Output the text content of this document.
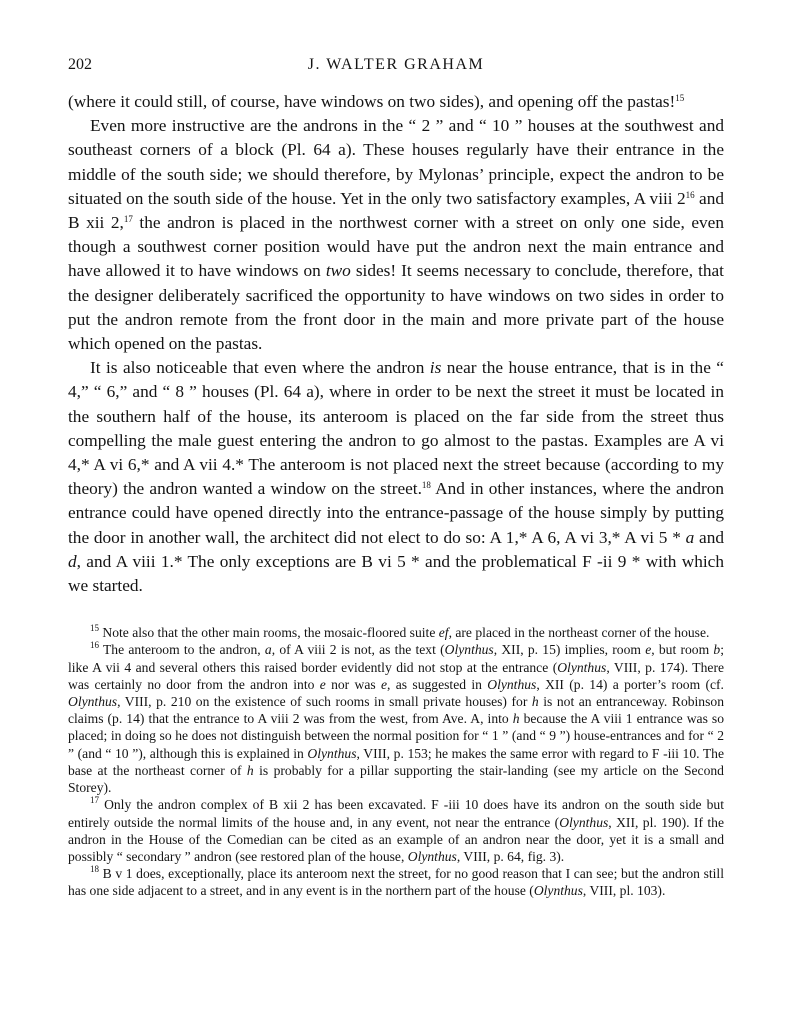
202	J. WALTER GRAHAM

(where it could still, of course, have windows on two sides), and opening off the pastas!$^{15}$

Even more instructive are the androns in the “ 2 ” and “ 10 ” houses at the southwest and southeast corners of a block (Pl. 64 a). These houses regularly have their entrance in the middle of the south side; we should therefore, by Mylonas’ principle, expect the andron to be situated on the south side of the house. Yet in the only two satisfactory examples, A viii $2^{16}$ and B xii 2,17 the andron is placed in the northwest corner with a street on only one side, even though a southwest corner position would have put the andron next the main entrance and have allowed it to have windows on two sides! It seems necessary to conclude, therefore, that the designer deliberately sacrificed the opportunity to have windows on two sides in order to put the andron remote from the front door in the main and more private part of the house which opened on the pastas.

It is also noticeable that even where the andron is near the house entrance, that is in the “ 4,” “ 6,” and “ 8 ” houses (Pl. 64 a), where in order to be next the street it must be located in the southern half of the house, its anteroom is placed on the far side from the street thus compelling the male guest entering the andron to go almost to the pastas. Examples are A vi 4,* A vi 6,* and A vii 4.* The anteroom is not placed next the street because (according to my theory) the andron wanted a window on the street.$^{18}$ And in other instances, where the andron entrance could have opened directly into the entrance-passage of the house simply by putting the door in another wall, the architect did not elect to do so: A 1,* A 6, A vi 3,* A vi 5 * a and d, and A viii 1.* The only exceptions are B vi 5 * and the problematical F -ii 9 * with which we started.

$^{15}$ Note also that the other main rooms, the mosaic-floored suite ef, are placed in the northeast corner of the house.

$^{16}$ The anteroom to the andron, a, of A viii 2 is not, as the text (Olynthus, XII, p. 15) implies, room e, but room b; like A vii 4 and several others this raised border evidently did not stop at the entrance (Olynthus, VIII, p. 174). There was certainly no door from the andron into e nor was e, as suggested in Olynthus, XII (p. 14) a porter’s room (cf. Olynthus, VIII, p. 210 on the existence of such rooms in small private houses) for h is not an entranceway. Robinson claims (p. 14) that the entrance to A viii 2 was from the west, from Ave. A, into h because the A viii 1 entrance was so placed; in doing so he does not distinguish between the normal position for “ 1 ” (and “ 9 ”) house-entrances and for “ 2 ” (and “ 10 ”), although this is explained in Olynthus, VIII, p. 153; he makes the same error with regard to F -iii 10. The base at the northeast corner of h is probably for a pillar supporting the stair-landing (see my article on the Second Storey).

$^{17}$ Only the andron complex of B xii 2 has been excavated. F -iii 10 does have its andron on the south side but entirely outside the normal limits of the house and, in any event, not near the entrance (Olynthus, XII, pl. 190). If the andron in the House of the Comedian can be cited as an example of an andron near the door, yet it is a small and possibly “ secondary ” andron (see restored plan of the house, Olynthus, VIII, p. 64, fig. 3).

$^{18}$ B v 1 does, exceptionally, place its anteroom next the street, for no good reason that I can see; but the andron still has one side adjacent to a street, and in any event is in the northern part of the house (Olynthus, VIII, pl. 103).
